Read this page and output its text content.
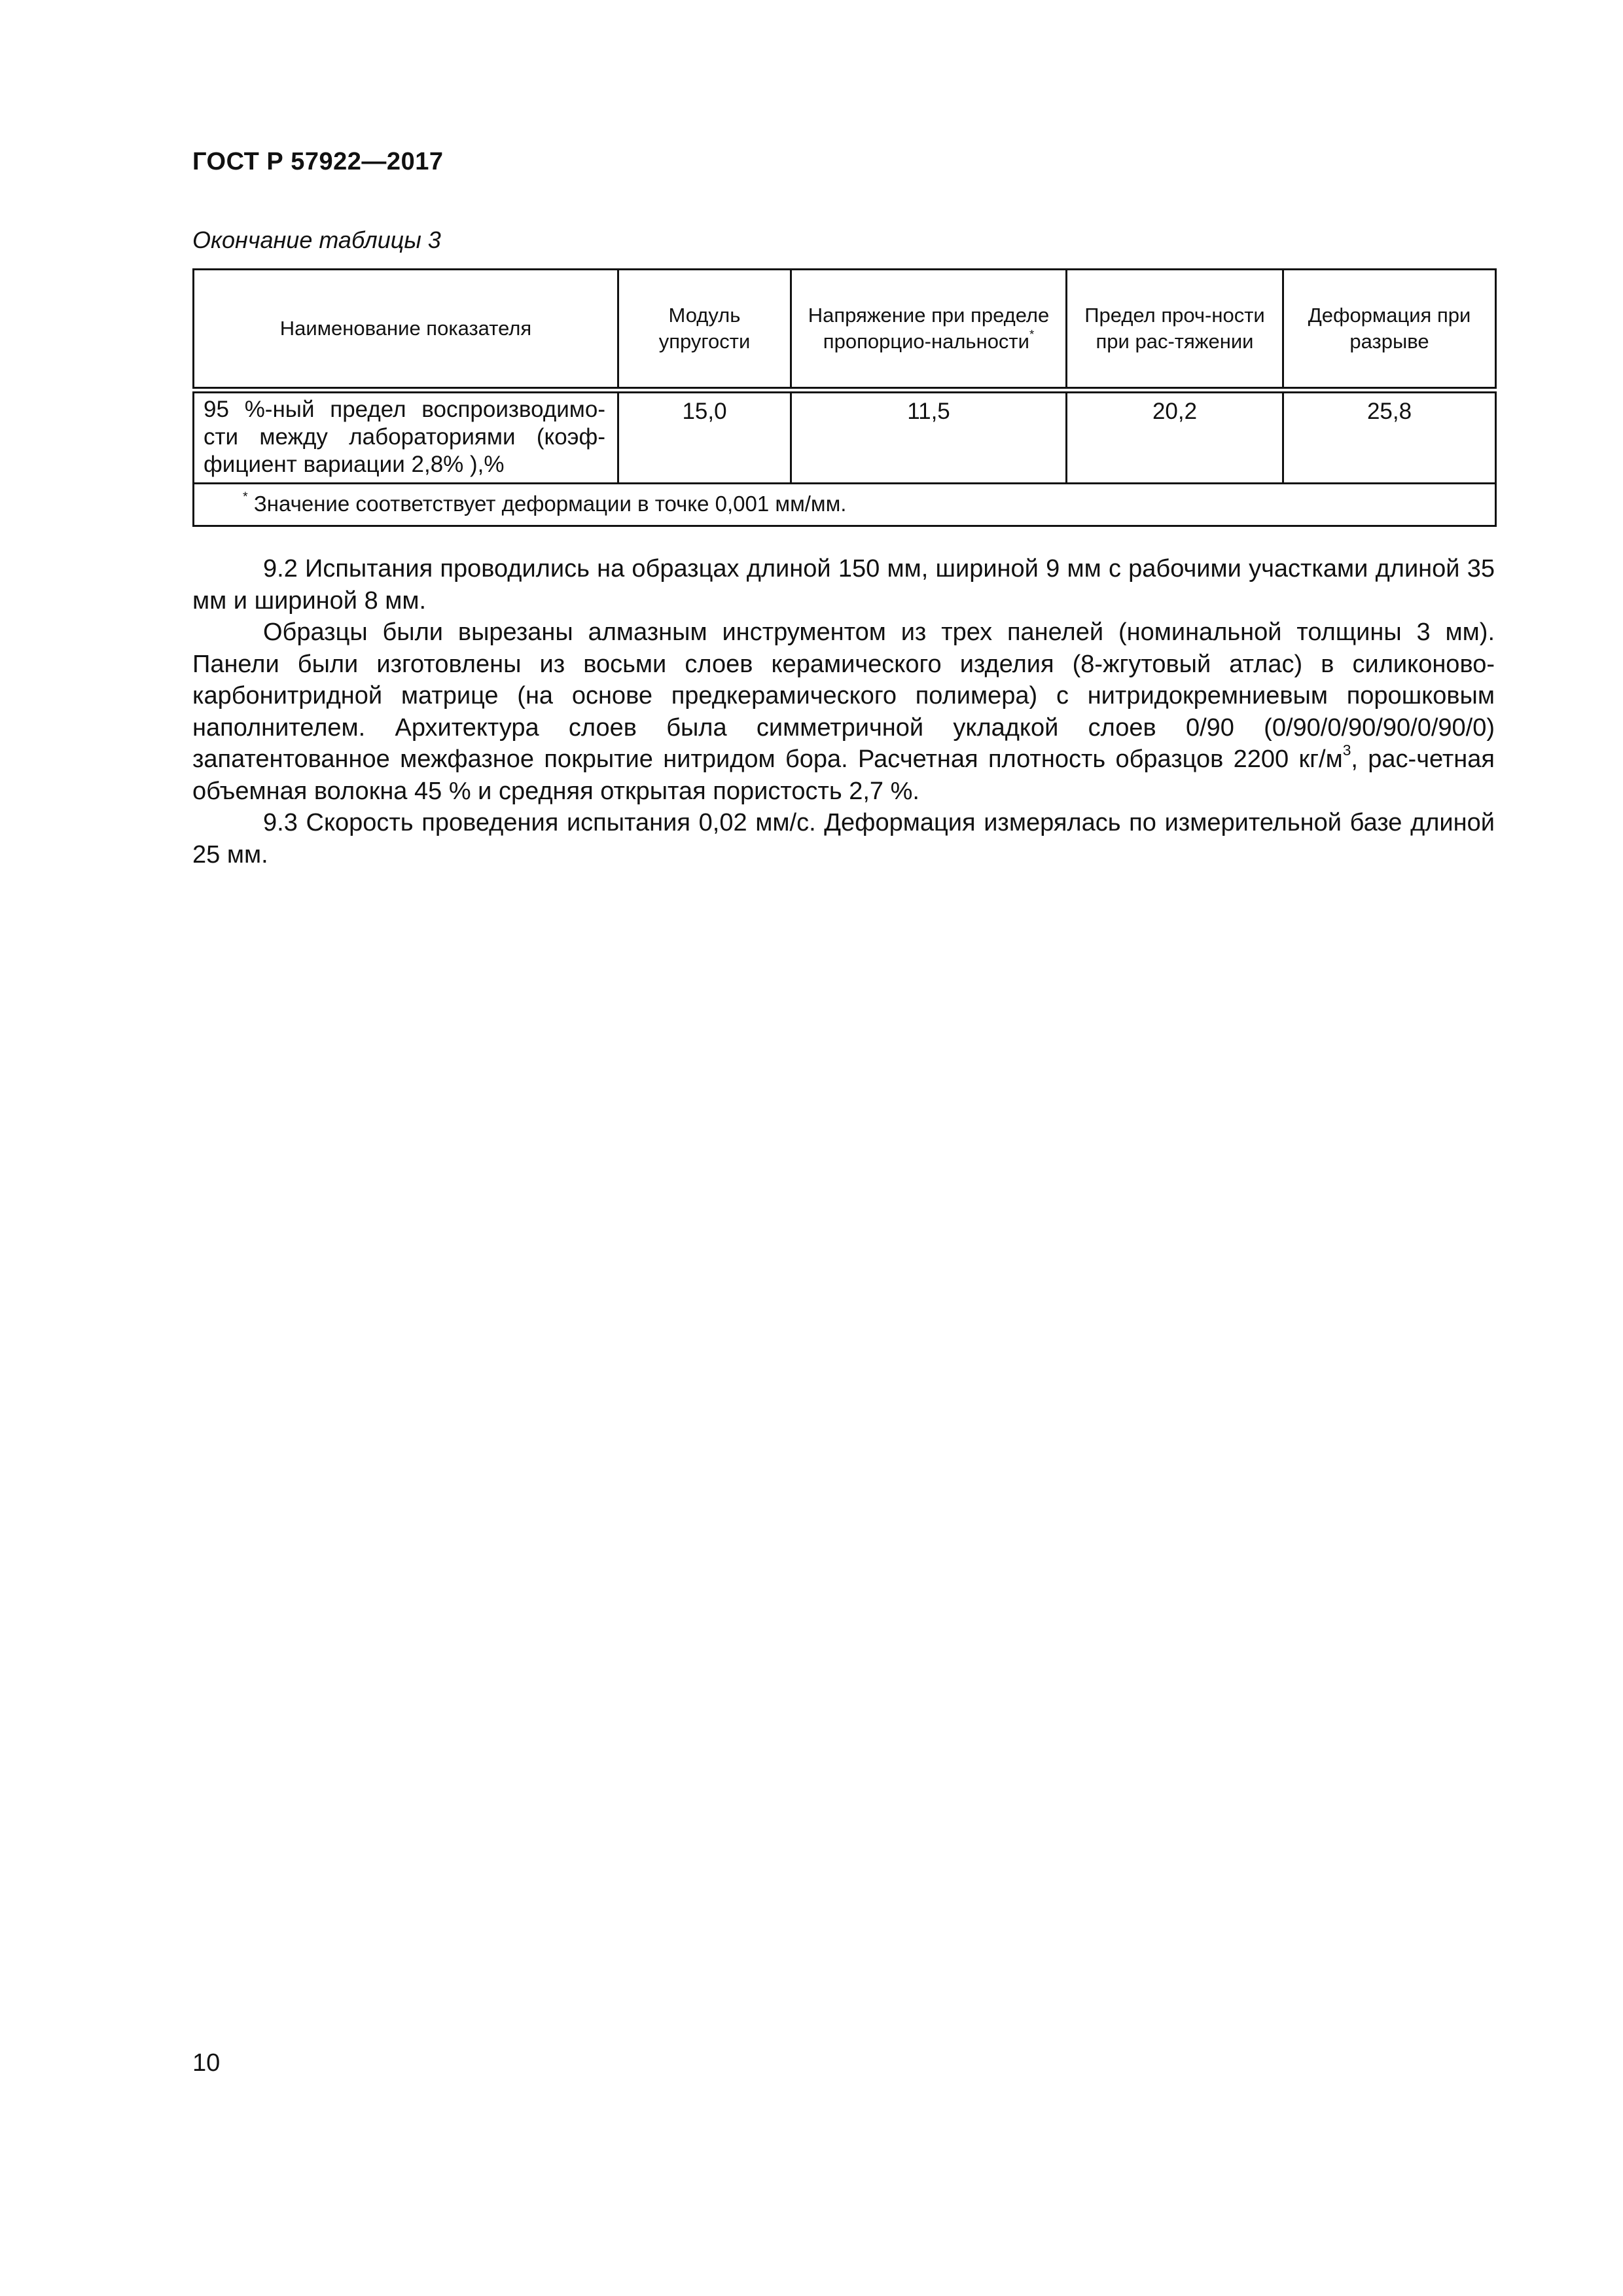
ГОСТ Р 57922—2017
Окончание таблицы 3
Наименование показателя	Модуль упругости	Напряжение при пределе пропорцио-нальности*	Предел проч-ности при рас-тяжении	Деформация при разрыве
95 %-ный предел воспроизводимо-сти между лабораториями (коэф-фициент вариации 2,8% ),%	15,0	11,5	20,2	25,8
* Значение соответствует деформации в точке 0,001 мм/мм.				

9.2 Испытания проводились на образцах длиной 150 мм, шириной 9 мм с рабочими участками длиной 35 мм и шириной 8 мм.

Образцы были вырезаны алмазным инструментом из трех панелей (номинальной толщины 3 мм). Панели были изготовлены из восьми слоев керамического изделия (8-жгутовый атлас) в силиконово-карбонитридной матрице (на основе предкерамического полимера) с нитридокремниевым порошковым наполнителем. Архитектура слоев была симметричной укладкой слоев 0/90 (0/90/0/90/90/0/90/0) запатентованное межфазное покрытие нитридом бора. Расчетная плотность образцов 2200 $кг/м^3$, рас-четная объемная волокна 45 % и средняя открытая пористость 2,7 %.

9.3 Скорость проведения испытания 0,02 мм/с. Деформация измерялась по измерительной базе длиной 25 мм.

10
